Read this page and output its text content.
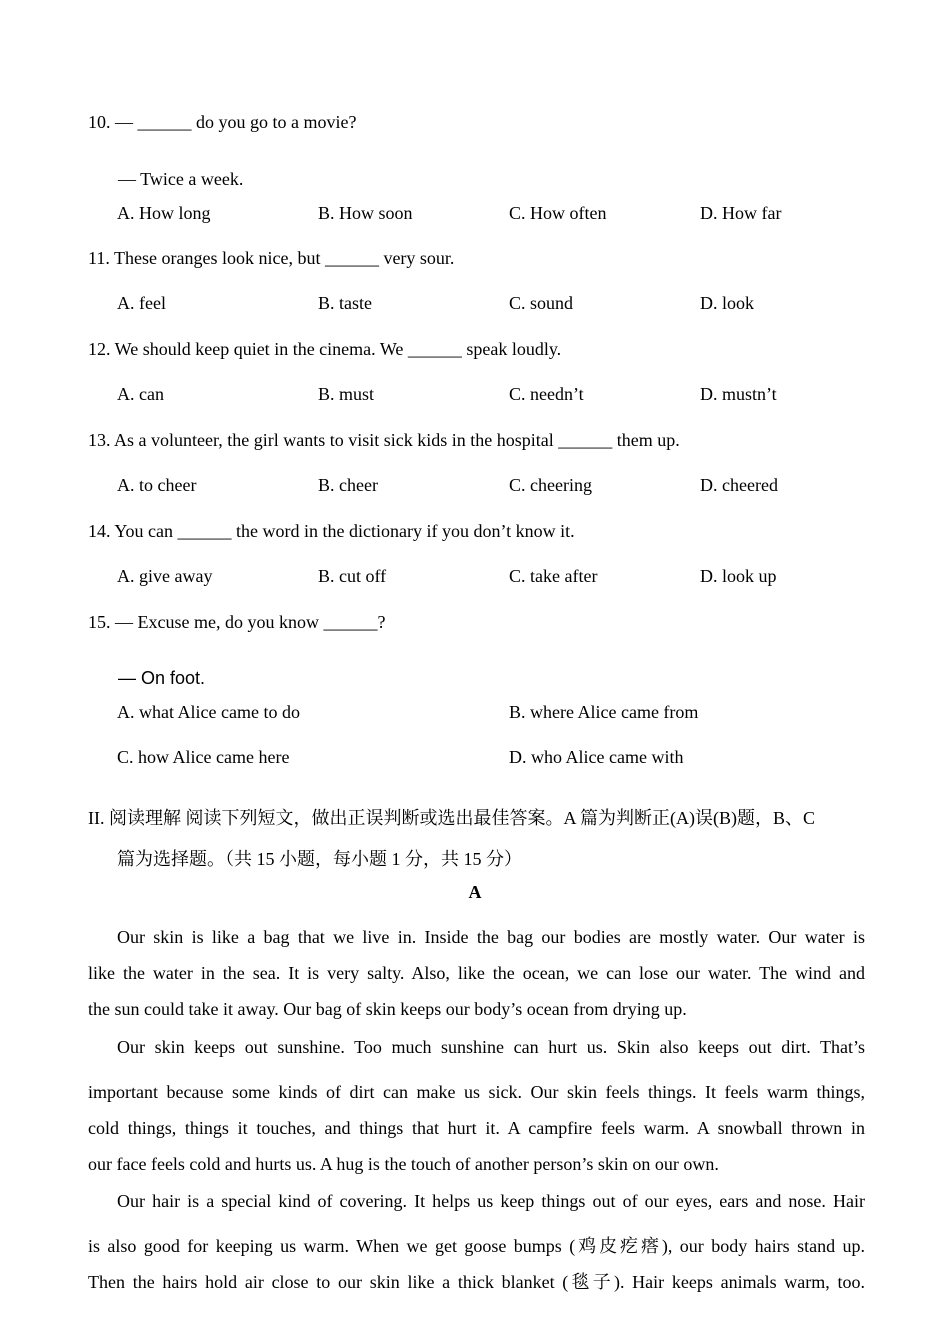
10. — ______ do you go to a movie?
— Twice a week.
A. How long	B. How soon	C. How often	D. How far
11. These oranges look nice, but ______ very sour.
A. feel	B. taste	C. sound	D. look
12. We should keep quiet in the cinema. We ______ speak loudly.
A. can	B. must	C. needn’t	D. mustn’t
13. As a volunteer, the girl wants to visit sick kids in the hospital ______ them up.
A. to cheer	B. cheer	C. cheering	D. cheered
14. You can ______ the word in the dictionary if you don’t know it.
A. give away	B. cut off	C. take after	D. look up
15. — Excuse me, do you know ______?
— On foot.
A. what Alice came to do	B. where Alice came from
C. how Alice came here	D. who Alice came with
II. 阅读理解 阅读下列短文，做出正误判断或选出最佳答案。A 篇为判断正(A)误(B)题，B、C
篇为选择题。（共 15 小题，每小题 1 分，共 15 分）
A
Our skin is like a bag that we live in. Inside the bag our bodies are mostly water. Our water is
like the water in the sea. It is very salty. Also, like the ocean, we can lose our water. The wind and
the sun could take it away. Our bag of skin keeps our body’s ocean from drying up.
Our skin keeps out sunshine. Too much sunshine can hurt us. Skin also keeps out dirt. That’s
important because some kinds of dirt can make us sick. Our skin feels things. It feels warm things,
cold things, things it touches, and things that hurt it. A campfire feels warm. A snowball thrown in
our face feels cold and hurts us. A hug is the touch of another person’s skin on our own.
Our hair is a special kind of covering. It helps us keep things out of our eyes, ears and nose. Hair
is also good for keeping us warm. When we get goose bumps (鸡皮疙瘩), our body hairs stand up.
Then the hairs hold air close to our skin like a thick blanket (毯子). Hair keeps animals warm, too.
